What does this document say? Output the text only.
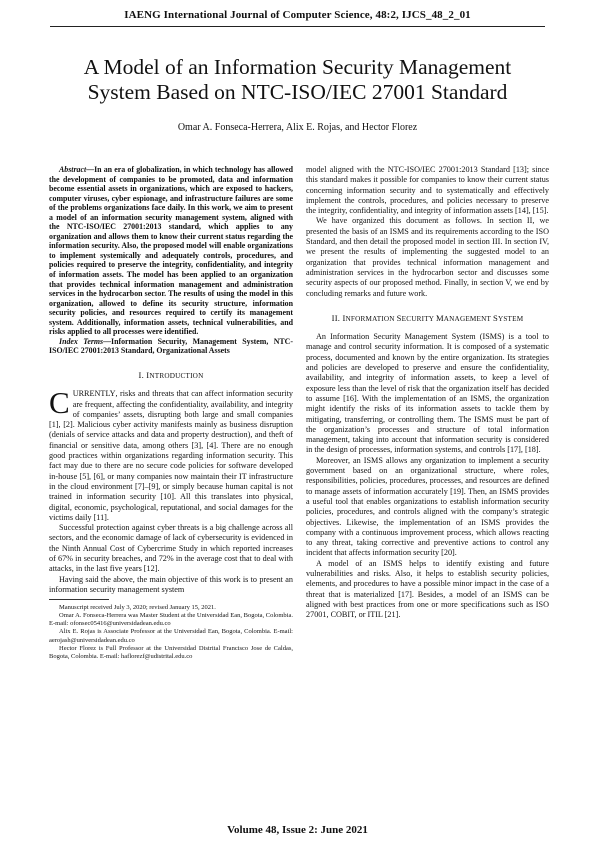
IAENG International Journal of Computer Science, 48:2, IJCS_48_2_01
A Model of an Information Security Management
System Based on NTC-ISO/IEC 27001 Standard
Omar A. Fonseca-Herrera, Alix E. Rojas, and Hector Florez

Abstract—In an era of globalization, in which technology has allowed the development of companies to be promoted, data and information become essential assets in organizations, which are exposed to hackers, computer viruses, cyber espionage, and infrastructure failures are some of the problems organizations face daily. In this work, we aim to present a model of an information security management system, aligned with the NTC-ISO/IEC 27001:2013 standard, which applies to any organization and allows them to know their current status regarding the information security. Also, the proposed model will enable organizations to implement systemically and adequately controls, procedures, and policies required to preserve the integrity, confidentiality, and integrity of information assets. The model has been applied to an organization that provides technical information management and administration services in the hydrocarbon sector. The results of using the model in this organization, allowed to define its security structure, information security policies, and resources required to certify its management system. Additionally, information assets, technical vulnerabilities, and risks applied to all processes were identified.

Index Terms—Information Security, Management System, NTC-ISO/IEC 27001:2013 Standard, Organizational Assets

I. INTRODUCTION

CURRENTLY, risks and threats that can affect information security are frequent, affecting the confidentiality, availability, and integrity of companies’ assets, disrupting both large and small companies [1], [2]. Malicious cyber activity manifests mainly as business disruption (denials of service attacks and data and property destruction), and theft of financial or sensitive data, among others [3], [4]. There are no enough good practices within organizations regarding information security. This fact may due to there are no secure code policies for software developed in-house [5], [6], or many companies now maintain their IT infrastructure in the cloud environment [7]–[9], or simply because human capital is not trained in information security [10]. All this translates into physical, digital, economic, psychological, reputational, and social damages for the victims daily [11].

Successful protection against cyber threats is a big challenge across all sectors, and the economic damage of lack of cybersecurity is evidenced in the Ninth Annual Cost of Cybercrime Study in which reported increases of 67% in security breaches, and 72% in the average cost that to deal with attacks, in the last five years [12].

Having said the above, the main objective of this work is to present an information security management system

Manuscript received July 3, 2020; revised January 15, 2021.

Omar A. Fonseca-Herrera was Master Student at the Universidad Ean, Bogota, Colombia. E-mail: ofonsec05416@universidadean.edu.co

Alix E. Rojas is Associate Professor at the Universidad Ean, Bogota, Colombia. E-mail: aerojash@universidadean.edu.co

Hector Florez is Full Professor at the Universidad Distrital Francisco Jose de Caldas, Bogota, Colombia. E-mail: haflorezf@udistrital.edu.co

model aligned with the NTC-ISO/IEC 27001:2013 Standard [13]; since this standard makes it possible for companies to know their current status concerning information security and to systematically and effectively implement the controls, procedures, and policies necessary to preserve the integrity, confidentiality, and integrity of information assets [14], [15].

We have organized this document as follows. In section II, we presented the basis of an ISMS and its requirements according to the ISO Standard, and then detail the proposed model in section III. In section IV, we present the results of implementing the suggested model to an organization that provides technical information management and administration services in the hydrocarbon sector and discusses some security aspects of our proposed method. Finally, in section V, we end by concluding remarks and future work.

II. INFORMATION SECURITY MANAGEMENT SYSTEM

An Information Security Management System (ISMS) is a tool to manage and control security information. It is composed of a systematic process, documented and known by the entire organization. Its strategies and policies are developed to preserve and ensure the confidentiality, availability, and integrity of information assets, to keep a level of exposure less than the level of risk that the organization itself has decided to assume [16]. With the implementation of an ISMS, the organization might identify the risks of its information assets to tackle them by mitigating, transferring, or controlling them. The ISMS must be part of the organization’s processes and structure of total information management, taking into account that information security is considered in the design of processes, information systems, and controls [17], [18].

Moreover, an ISMS allows any organization to implement a security government based on an organizational structure, where roles, responsibilities, policies, procedures, processes, and resources are defined to manage assets of information accurately [19]. Then, an ISMS provides a useful tool that enables organizations to establish information security policies, procedures, and controls aligned with the company’s strategic objectives. Likewise, the implementation of an ISMS provides the company with a continuous improvement process, which allows reacting to any threat, taking corrective and preventive actions to control any incident that affects information security [20].

A model of an ISMS helps to identify existing and future vulnerabilities and risks. Also, it helps to establish security policies, elements, and procedures to have a possible minor impact in the case of a threat that is materialized [17]. Besides, a model of an ISMS can be aligned with best practices from one or more specifications such as ISO 27001, COBIT, or ITIL [21].

Volume 48, Issue 2: June 2021
